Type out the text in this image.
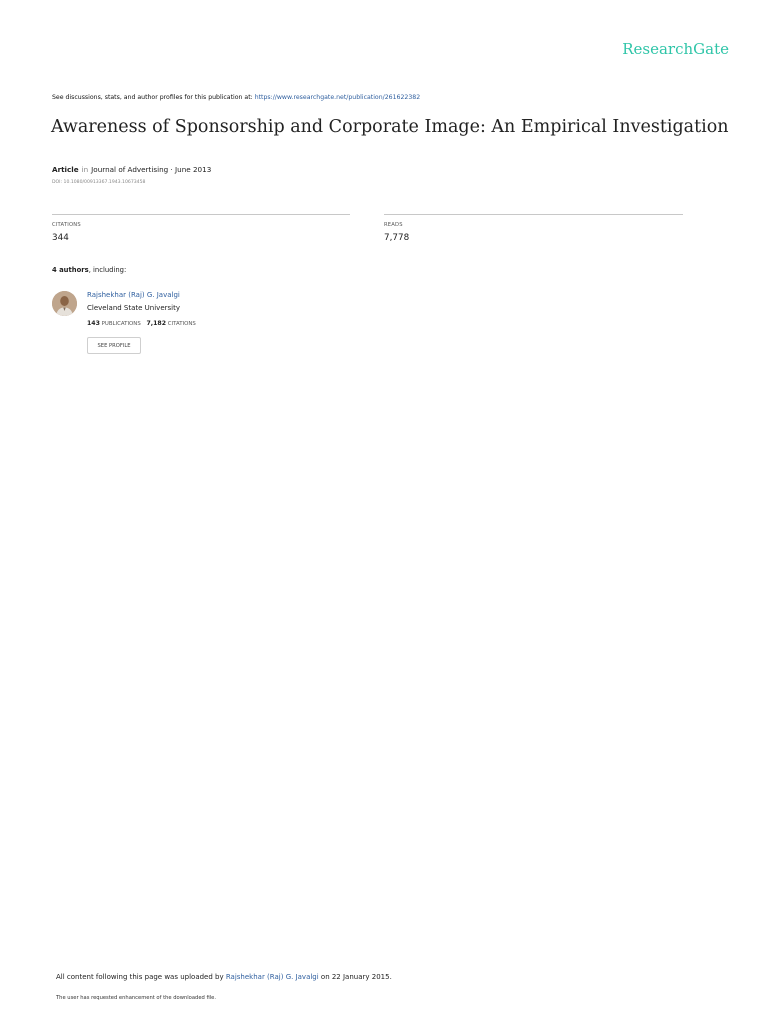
ResearchGate
See discussions, stats, and author profiles for this publication at: https://www.researchgate.net/publication/261622382
Awareness of Sponsorship and Corporate Image: An Empirical Investigation
Article in Journal of Advertising · June 2013
DOI: 10.1080/00913367.1943.10673458
CITATIONS
344
READS
7,778
4 authors, including:
Rajshekhar (Raj) G. Javalgi
Cleveland State University
143 PUBLICATIONS 7,182 CITATIONS
SEE PROFILE
All content following this page was uploaded by Rajshekhar (Raj) G. Javalgi on 22 January 2015.
The user has requested enhancement of the downloaded file.
